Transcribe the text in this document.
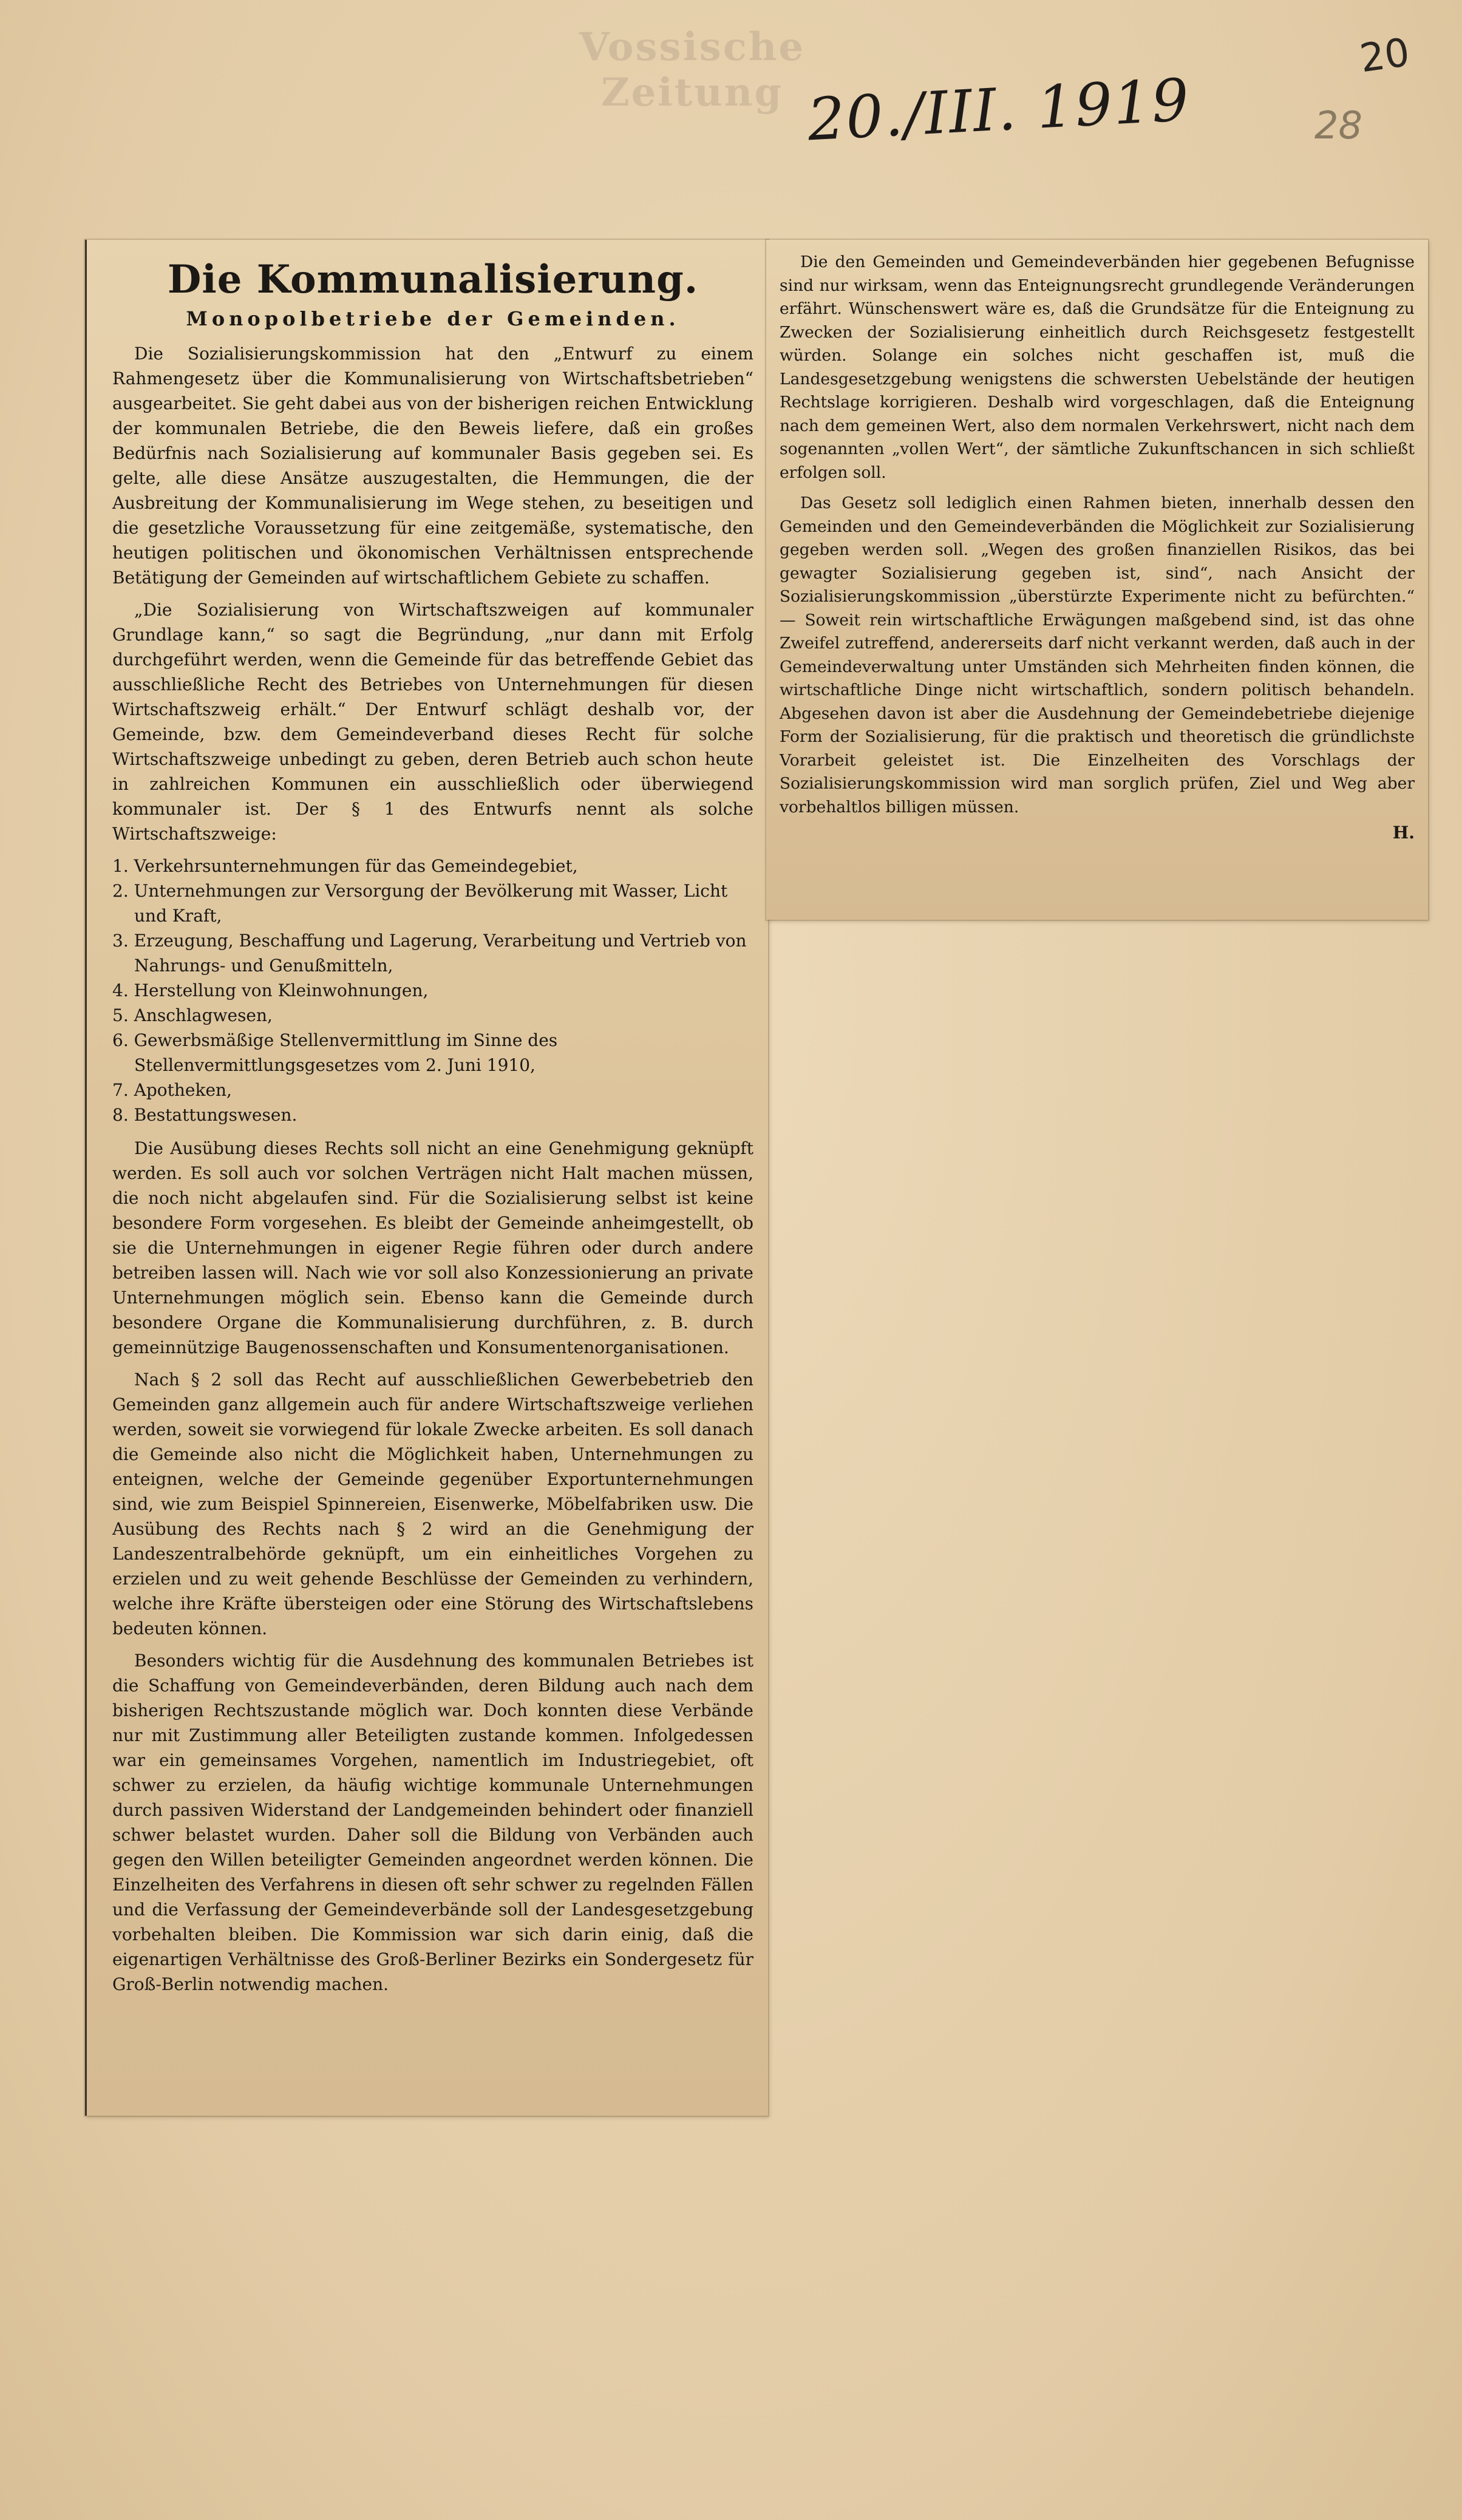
Vossische Zeitung 20./III. 1919	28
20
Die Kommunalisierung.
Monopolbetriebe der Gemeinden.

Die Sozialisierungskommission hat den „Entwurf zu einem Rahmengesetz über die Kommunalisierung von Wirtschaftsbetrieben“ ausgearbeitet. Sie geht dabei aus von der bisherigen reichen Entwicklung der kommunalen Betriebe, die den Beweis liefere, daß ein großes Bedürfnis nach Sozialisierung auf kommunaler Basis gegeben sei. Es gelte, alle diese Ansätze auszugestalten, die Hemmungen, die der Ausbreitung der Kommunalisierung im Wege stehen, zu beseitigen und die gesetzliche Voraussetzung für eine zeitgemäße, systematische, den heutigen politischen und ökonomischen Verhältnissen entsprechende Betätigung der Gemeinden auf wirtschaftlichem Gebiete zu schaffen.

„Die Sozialisierung von Wirtschaftszweigen auf kommunaler Grundlage kann,“ so sagt die Begründung, „nur dann mit Erfolg durchgeführt werden, wenn die Gemeinde für das betreffende Gebiet das ausschließliche Recht des Betriebes von Unternehmungen für diesen Wirtschaftszweig erhält.“ Der Entwurf schlägt deshalb vor, der Gemeinde, bzw. dem Gemeindeverband dieses Recht für solche Wirtschaftszweige unbedingt zu geben, deren Betrieb auch schon heute in zahlreichen Kommunen ein ausschließlich oder überwiegend kommunaler ist. Der § 1 des Entwurfs nennt als solche Wirtschaftszweige:

1. Verkehrsunternehmungen für das Gemeindegebiet,
2. Unternehmungen zur Versorgung der Bevölkerung mit Wasser, Licht und Kraft,
3. Erzeugung, Beschaffung und Lagerung, Verarbeitung und Vertrieb von Nahrungs- und Genußmitteln,
4. Herstellung von Kleinwohnungen,
5. Anschlagwesen,
6. Gewerbsmäßige Stellenvermittlung im Sinne des Stellenvermittlungsgesetzes vom 2. Juni 1910,
7. Apotheken,
8. Bestattungswesen.

Die Ausübung dieses Rechts soll nicht an eine Genehmigung geknüpft werden. Es soll auch vor solchen Verträgen nicht Halt machen müssen, die noch nicht abgelaufen sind. Für die Sozialisierung selbst ist keine besondere Form vorgesehen. Es bleibt der Gemeinde anheimgestellt, ob sie die Unternehmungen in eigener Regie führen oder durch andere betreiben lassen will. Nach wie vor soll also Konzessionierung an private Unternehmungen möglich sein. Ebenso kann die Gemeinde durch besondere Organe die Kommunalisierung durchführen, z. B. durch gemeinnützige Baugenossenschaften und Konsumentenorganisationen.

Nach § 2 soll das Recht auf ausschließlichen Gewerbebetrieb den Gemeinden ganz allgemein auch für andere Wirtschaftszweige verliehen werden, soweit sie vorwiegend für lokale Zwecke arbeiten. Es soll danach die Gemeinde also nicht die Möglichkeit haben, Unternehmungen zu enteignen, welche der Gemeinde gegenüber Exportunternehmungen sind, wie zum Beispiel Spinnereien, Eisenwerke, Möbelfabriken usw. Die Ausübung des Rechts nach § 2 wird an die Genehmigung der Landeszentralbehörde geknüpft, um ein einheitliches Vorgehen zu erzielen und zu weit gehende Beschlüsse der Gemeinden zu verhindern, welche ihre Kräfte übersteigen oder eine Störung des Wirtschaftslebens bedeuten können.

Besonders wichtig für die Ausdehnung des kommunalen Betriebes ist die Schaffung von Gemeindeverbänden, deren Bildung auch nach dem bisherigen Rechtszustande möglich war. Doch konnten diese Verbände nur mit Zustimmung aller Beteiligten zustande kommen. Infolgedessen war ein gemeinsames Vorgehen, namentlich im Industriegebiet, oft schwer zu erzielen, da häufig wichtige kommunale Unternehmungen durch passiven Widerstand der Landgemeinden behindert oder finanziell schwer belastet wurden. Daher soll die Bildung von Verbänden auch gegen den Willen beteiligter Gemeinden angeordnet werden können. Die Einzelheiten des Verfahrens in diesen oft sehr schwer zu regelnden Fällen und die Verfassung der Gemeindeverbände soll der Landesgesetzgebung vorbehalten bleiben. Die Kommission war sich darin einig, daß die eigenartigen Verhältnisse des Groß-Berliner Bezirks ein Sondergesetz für Groß-Berlin notwendig machen.

Die den Gemeinden und Gemeindeverbänden hier gegebenen Befugnisse sind nur wirksam, wenn das Enteignungsrecht grundlegende Veränderungen erfährt. Wünschenswert wäre es, daß die Grundsätze für die Enteignung zu Zwecken der Sozialisierung einheitlich durch Reichsgesetz festgestellt würden. Solange ein solches nicht geschaffen ist, muß die Landesgesetzgebung wenigstens die schwersten Uebelstände der heutigen Rechtslage korrigieren. Deshalb wird vorgeschlagen, daß die Enteignung nach dem gemeinen Wert, also dem normalen Verkehrswert, nicht nach dem sogenannten „vollen Wert“, der sämtliche Zukunftschancen in sich schließt erfolgen soll.

Das Gesetz soll lediglich einen Rahmen bieten, innerhalb dessen den Gemeinden und den Gemeindeverbänden die Möglichkeit zur Sozialisierung gegeben werden soll. „Wegen des großen finanziellen Risikos, das bei gewagter Sozialisierung gegeben ist, sind“, nach Ansicht der Sozialisierungskommission „überstürzte Experimente nicht zu befürchten.“ — Soweit rein wirtschaftliche Erwägungen maßgebend sind, ist das ohne Zweifel zutreffend, andererseits darf nicht verkannt werden, daß auch in der Gemeindeverwaltung unter Umständen sich Mehrheiten finden können, die wirtschaftliche Dinge nicht wirtschaftlich, sondern politisch behandeln. Abgesehen davon ist aber die Ausdehnung der Gemeindebetriebe diejenige Form der Sozialisierung, für die praktisch und theoretisch die gründlichste Vorarbeit geleistet ist. Die Einzelheiten des Vorschlags der Sozialisierungskommission wird man sorglich prüfen, Ziel und Weg aber vorbehaltlos billigen müssen.

H.
